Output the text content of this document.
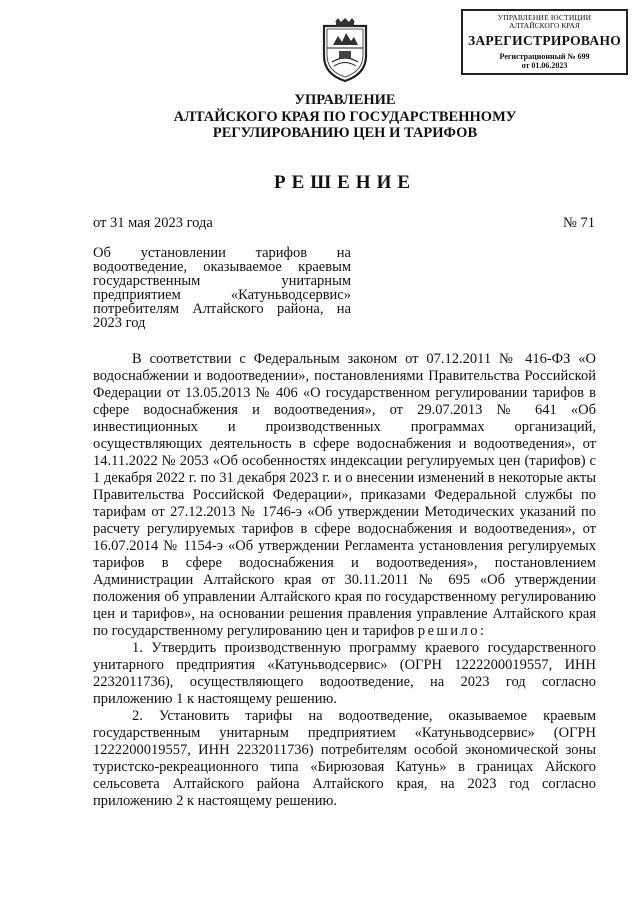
УПРАВЛЕНИЕ ЮСТИЦИИ
АЛТАЙСКОГО КРАЯ
ЗАРЕГИСТРИРОВАНО
Регистрационный № 699
от 01.06.2023
УПРАВЛЕНИЕ
АЛТАЙСКОГО КРАЯ ПО ГОСУДАРСТВЕННОМУ
РЕГУЛИРОВАНИЮ ЦЕН И ТАРИФОВ
РЕШЕНИЕ
от 31 мая 2023 года	№ 71
Об установлении тарифов на водоотведение, оказываемое краевым государственным унитарным предприятием «Катуньводсервис» потребителям Алтайского района, на 2023 год

В соответствии с Федеральным законом от 07.12.2011 № 416-ФЗ «О водоснабжении и водоотведении», постановлениями Правительства Российской Федерации от 13.05.2013 № 406 «О государственном регулировании тарифов в сфере водоснабжения и водоотведения», от 29.07.2013 № 641 «Об инвестиционных и производственных программах организаций, осуществляющих деятельность в сфере водоснабжения и водоотведения», от 14.11.2022 № 2053 «Об особенностях индексации регулируемых цен (тарифов) с 1 декабря 2022 г. по 31 декабря 2023 г. и о внесении изменений в некоторые акты Правительства Российской Федерации», приказами Федеральной службы по тарифам от 27.12.2013 № 1746-э «Об утверждении Методических указаний по расчету регулируемых тарифов в сфере водоснабжения и водоотведения», от 16.07.2014 № 1154-э «Об утверждении Регламента установления регулируемых тарифов в сфере водоснабжения и водоотведения», постановлением Администрации Алтайского края от 30.11.2011 № 695 «Об утверждении положения об управлении Алтайского края по государственному регулированию цен и тарифов», на основании решения правления управление Алтайского края по государственному регулированию цен и тарифов решило:

1. Утвердить производственную программу краевого государственного унитарного предприятия «Катуньводсервис» (ОГРН 1222200019557, ИНН 2232011736), осуществляющего водоотведение, на 2023 год согласно приложению 1 к настоящему решению.

2. Установить тарифы на водоотведение, оказываемое краевым государственным унитарным предприятием «Катуньводсервис» (ОГРН 1222200019557, ИНН 2232011736) потребителям особой экономической зоны туристско-рекреационного типа «Бирюзовая Катунь» в границах Айского сельсовета Алтайского района Алтайского края, на 2023 год согласно приложению 2 к настоящему решению.
